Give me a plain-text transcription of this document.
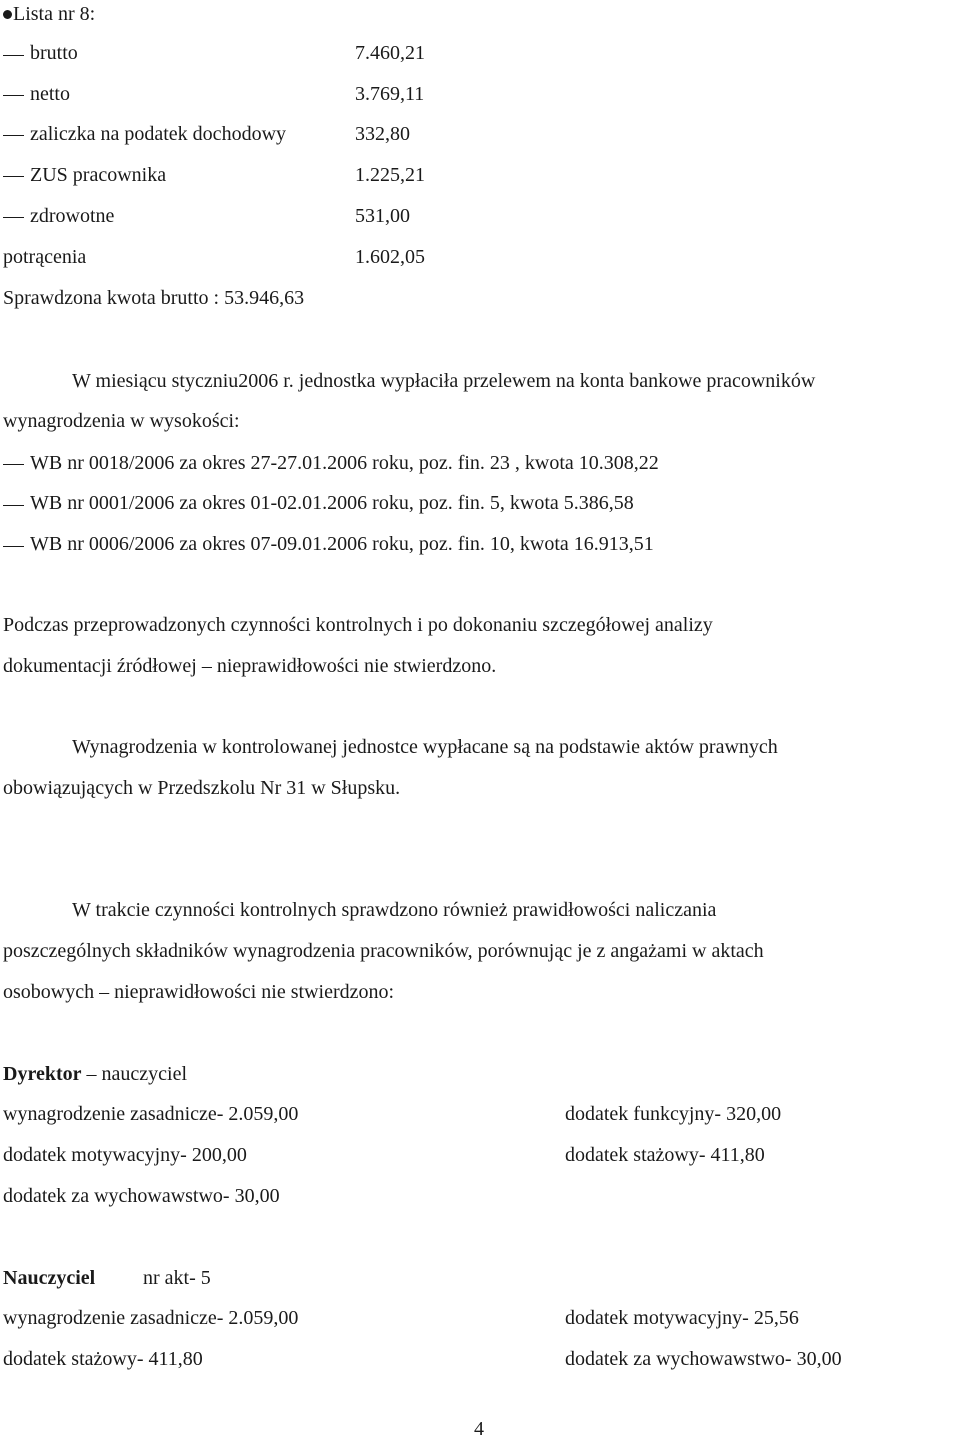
Lista nr 8:
brutto	7.460,21
netto	3.769,11
zaliczka na podatek dochodowy	332,80
ZUS pracownika	1.225,21
zdrowotne	531,00
potrącenia	1.602,05
Sprawdzona kwota brutto : 53.946,63
W miesiącu styczniu2006 r. jednostka wypłaciła przelewem na konta bankowe pracowników
wynagrodzenia w wysokości:
WB nr 0018/2006 za okres 27-27.01.2006 roku, poz. fin. 23 , kwota 10.308,22
WB nr 0001/2006 za okres 01-02.01.2006 roku, poz. fin. 5, kwota 5.386,58
WB nr 0006/2006 za okres 07-09.01.2006 roku, poz. fin. 10, kwota 16.913,51
Podczas przeprowadzonych czynności kontrolnych i po dokonaniu szczegółowej analizy
dokumentacji źródłowej – nieprawidłowości nie stwierdzono.
Wynagrodzenia w kontrolowanej jednostce wypłacane są na podstawie aktów prawnych
obowiązujących w Przedszkolu Nr 31 w Słupsku.
W trakcie czynności kontrolnych sprawdzono również prawidłowości naliczania
poszczególnych składników wynagrodzenia pracowników, porównując je z angażami w aktach
osobowych – nieprawidłowości nie stwierdzono:
Dyrektor – nauczyciel
wynagrodzenie zasadnicze- 2.059,00	dodatek funkcyjny- 320,00
dodatek motywacyjny- 200,00	dodatek stażowy- 411,80
dodatek za wychowawstwo- 30,00
Nauczyciel nr akt- 5
wynagrodzenie zasadnicze- 2.059,00	dodatek motywacyjny- 25,56
dodatek stażowy- 411,80	dodatek za wychowawstwo- 30,00
4
